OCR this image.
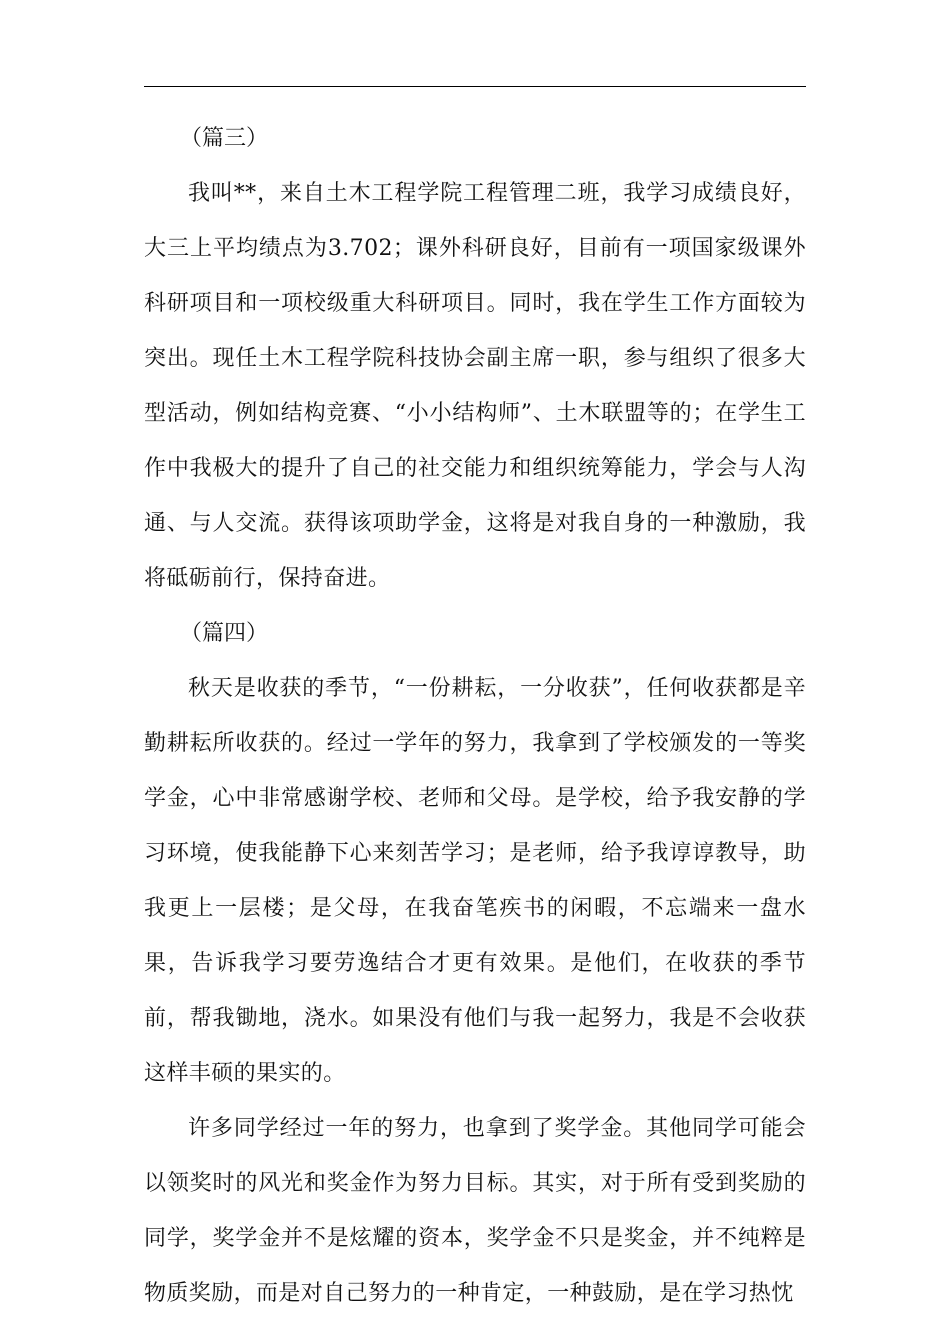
（篇三）

我叫**，来自土木工程学院工程管理二班，我学习成绩良好，大三上平均绩点为3.702；课外科研良好，目前有一项国家级课外科研项目和一项校级重大科研项目。同时，我在学生工作方面较为突出。现任土木工程学院科技协会副主席一职，参与组织了很多大型活动，例如结构竞赛、“小小结构师”、土木联盟等的；在学生工作中我极大的提升了自己的社交能力和组织统筹能力，学会与人沟通、与人交流。获得该项助学金，这将是对我自身的一种激励，我将砥砺前行，保持奋进。

（篇四）

秋天是收获的季节，“一份耕耘，一分收获”，任何收获都是辛勤耕耘所收获的。经过一学年的努力，我拿到了学校颁发的一等奖学金，心中非常感谢学校、老师和父母。是学校，给予我安静的学习环境，使我能静下心来刻苦学习；是老师，给予我谆谆教导，助我更上一层楼；是父母，在我奋笔疾书的闲暇，不忘端来一盘水果，告诉我学习要劳逸结合才更有效果。是他们，在收获的季节前，帮我锄地，浇水。如果没有他们与我一起努力，我是不会收获这样丰硕的果实的。

许多同学经过一年的努力，也拿到了奖学金。其他同学可能会以领奖时的风光和奖金作为努力目标。其实，对于所有受到奖励的同学，奖学金并不是炫耀的资本，奖学金不只是奖金，并不纯粹是物质奖励，而是对自己努力的一种肯定，一种鼓励，是在学习热忱
